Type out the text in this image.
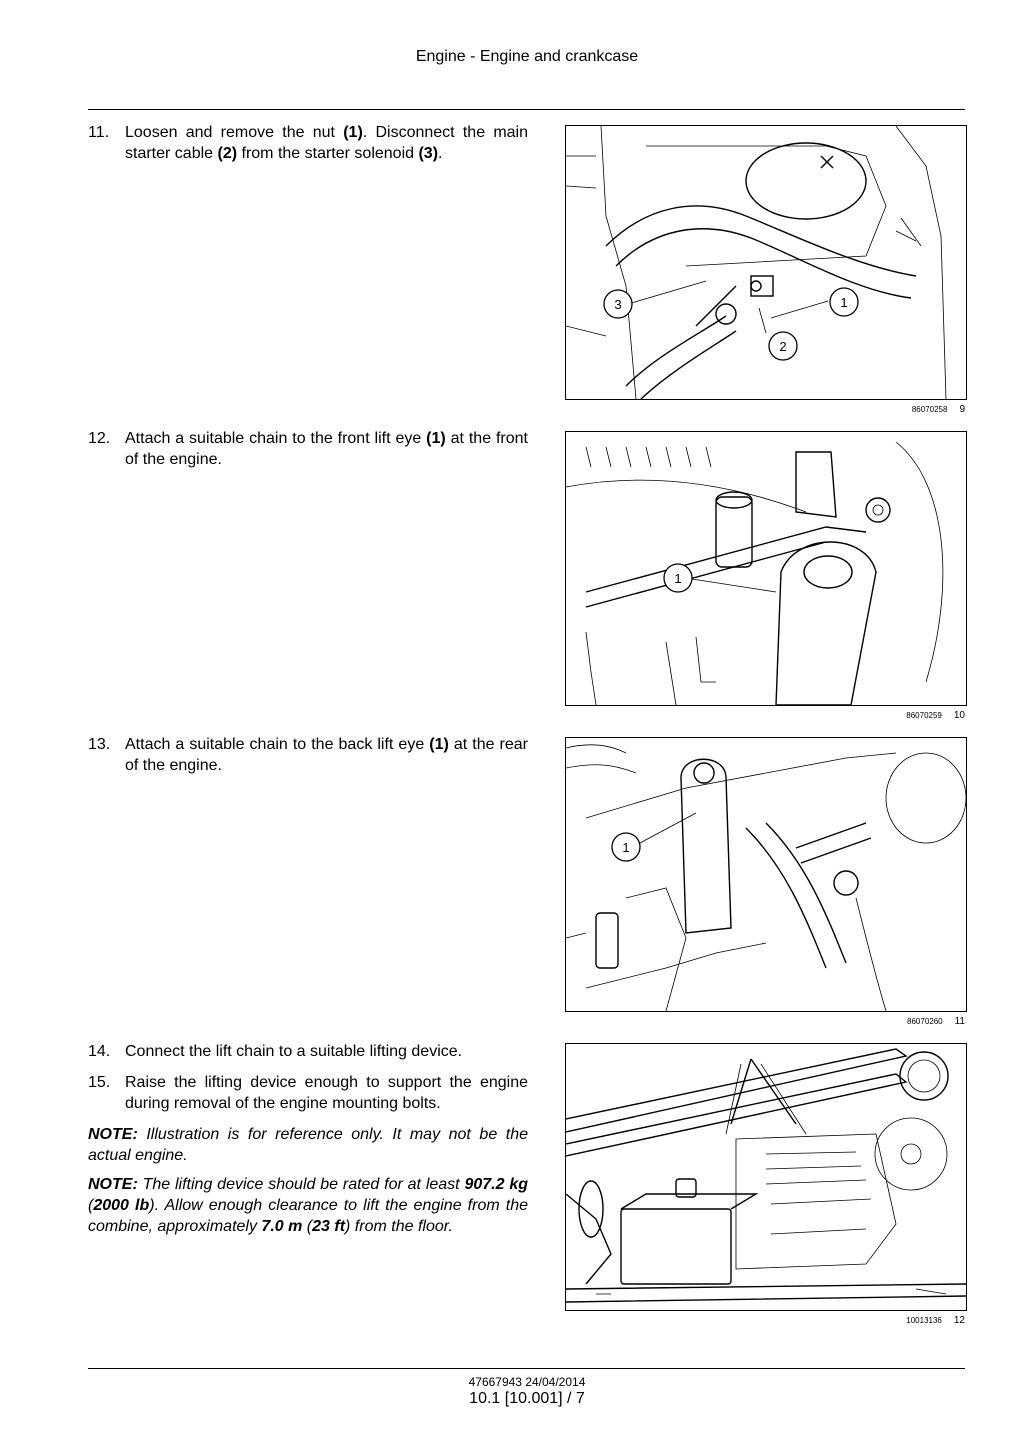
Engine - Engine and crankcase
11. Loosen and remove the nut (1). Disconnect the main starter cable (2) from the starter solenoid (3).
12. Attach a suitable chain to the front lift eye (1) at the front of the engine.
13. Attach a suitable chain to the back lift eye (1) at the rear of the engine.
14. Connect the lift chain to a suitable lifting device.
15. Raise the lifting device enough to support the engine during removal of the engine mounting bolts.
NOTE: Illustration is for reference only. It may not be the actual engine.
NOTE: The lifting device should be rated for at least 907.2 kg (2000 lb). Allow enough clearance to lift the engine from the combine, approximately 7.0 m (23 ft) from the floor.
3	1
2
86070258 9
1
86070259 10
1
86070260 11
10013136 12
47667943 24/04/2014
10.1 [10.001] / 7
